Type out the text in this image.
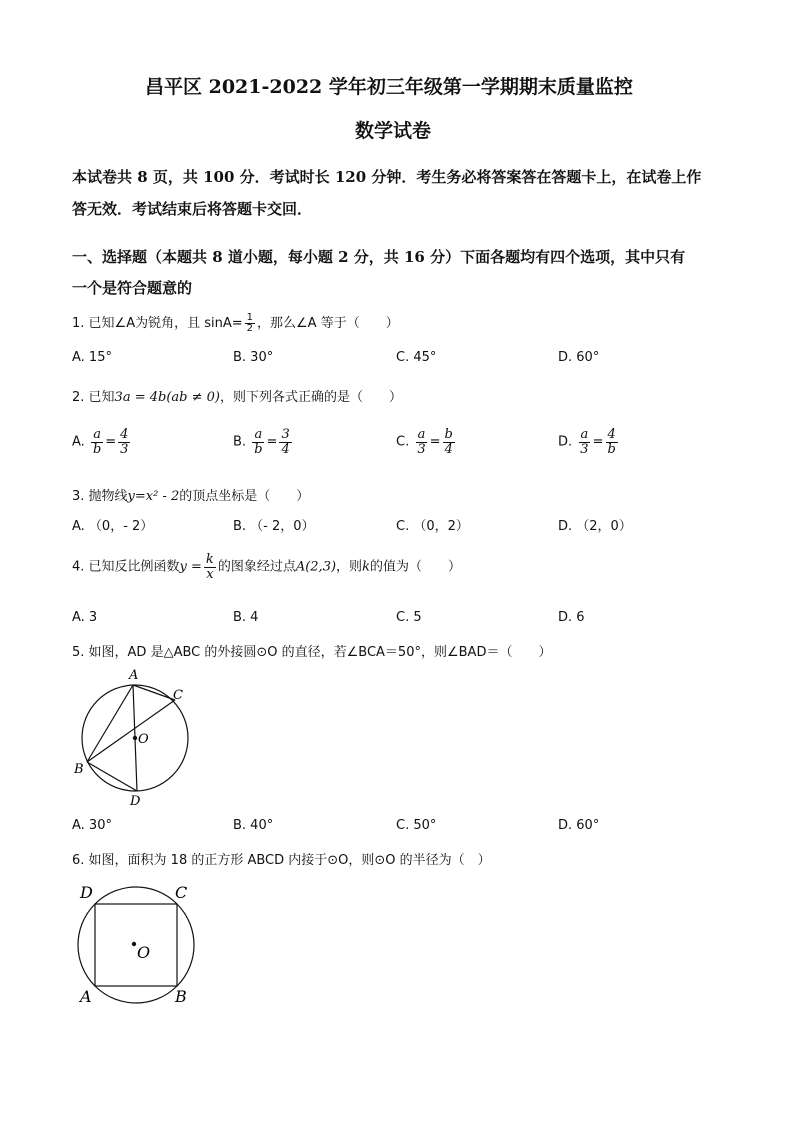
昌平区 2021-2022 学年初三年级第一学期期末质量监控
数学试卷
本试卷共 8 页，共 100 分．考试时长 120 分钟．考生务必将答案答在答题卡上，在试卷上作
答无效．考试结束后将答题卡交回．
一、选择题（本题共 8 道小题，每小题 2 分，共 16 分）下面各题均有四个选项，其中只有
一个是符合题意的
1. 已知∠A为锐角，且 $\sin A= \frac{1}{2}$ ，那么∠A 等于（　　）
A. 15°	B. 30°	C. 45°	D. 60°
2. 已知3a = 4b(ab ≠ 0)，则下列各式正确的是（　　）
A. $\frac{a}{b} = \frac{4}{3}$	B. $\frac{a}{b} = \frac{3}{4}$	C. $\frac{a}{3} = \frac{b}{4}$	D. $\frac{a}{3} = \frac{4}{b}$
3. 抛物线y=x² - 2的顶点坐标是（　　）
A. （0，- 2）	B. （- 2，0）	C. （0，2）	D. （2，0）
4. 已知反比例函数$y = \frac{k}{x}$ 的图象经过点A(2,3)，则k的值为（　　）
A. 3	B. 4	C. 5	D. 6
5. 如图，AD 是△ABC 的外接圆⊙O 的直径，若∠BCA＝50°，则∠BAD＝（　　）
A
C
O
B
D
A. 30°	B. 40°	C. 50°	D. 60°
6. 如图，面积为 18 的正方形 ABCD 内接于⊙O，则⊙O 的半径为（　）
D	C
O
A	B
